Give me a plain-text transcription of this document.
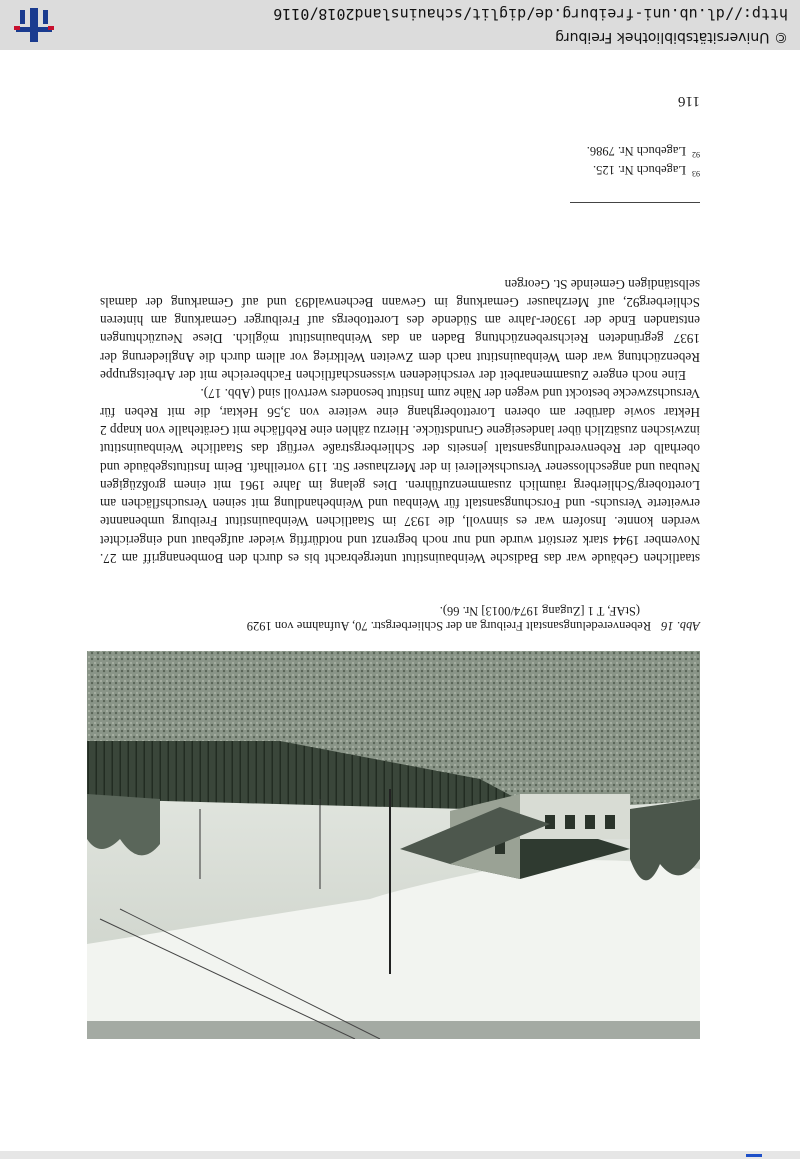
116
$^{92}$Lagebuch Nr. 7986.
$^{93}$Lagebuch Nr. 125.

staatlichen Gebäude war das Badische Weinbauinstitut untergebracht bis es durch den Bombenangriff am 27. November 1944 stark zerstört wurde und nur noch begrenzt und notdürftig wieder aufgebaut und eingerichtet werden konnte. Insofern war es sinnvoll, die 1937 im Staatlichen Weinbauinstitut Freiburg umbenannte erweiterte Versuchs- und Forschungsanstalt für Weinbau und Weinbehandlung mit seinen Versuchsflächen am Lorettoberg/Schlierberg räumlich zusammenzuführen. Dies gelang im Jahre 1961 mit einem großzügigen Neubau und angeschlossener Versuchskellerei in der Merzhauser Str. 119 vorteilhaft. Beim Institutsgebäude und oberhalb der Rebenveredlungsanstalt jenseits der Schlierbergstraße verfügt das Staatliche Weinbauinstitut inzwischen zusätzlich über landeseigene Grundstücke. Hierzu zählen eine Rebfläche mit Gerätehalle von knapp 2 Hektar sowie darüber am oberen Lorettoberghang eine weitere von 3,56 Hektar, die mit Reben für Versuchszwecke bestockt und wegen der Nähe zum Institut besonders wertvoll sind (Abb. 17).

Eine noch engere Zusammenarbeit der verschiedenen wissenschaftlichen Fachbereiche mit der Arbeitsgruppe Rebenzüchtung war dem Weinbauinstitut nach dem Zweiten Weltkrieg vor allem durch die Angliederung der 1937 gegründeten Reichsrebenzüchtung Baden an das Weinbauinstitut möglich. Diese Neuzüchtungen entstanden Ende der 1930er-Jahre am Südende des Lorettobergs auf Freiburger Gemarkung am hinteren Schlierberg92, auf Merzhauser Gemarkung im Gewann Bechenwald93 und auf Gemarkung der damals selbständigen Gemeinde St. Georgen

Abb. 16Rebenveredelungsanstalt Freiburg an der Schlierbergstr. 70, Aufnahme von 1929
(StAF, T 1 [Zugang 1974/0013] Nr. 66).
http://dl.ub.uni-freiburg.de/diglit/schauinsland2018/0116
© Universitätsbibliothek Freiburg
